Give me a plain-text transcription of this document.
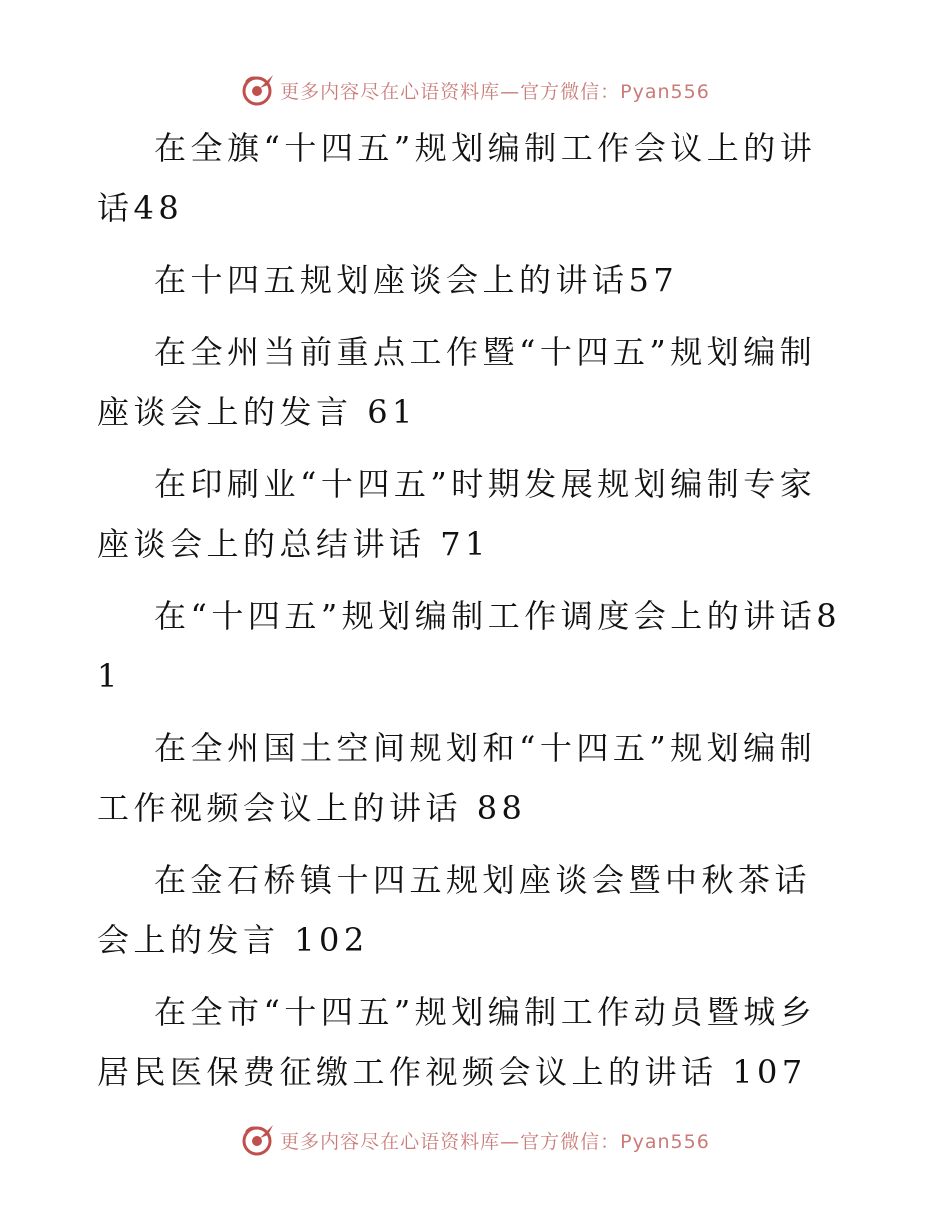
更多内容尽在心语资料库—官方微信：Pyan556

在全旗“十四五”规划编制工作会议上的讲话48

在十四五规划座谈会上的讲话57

在全州当前重点工作暨“十四五”规划编制座谈会上的发言 61

在印刷业“十四五”时期发展规划编制专家座谈会上的总结讲话 71

在“十四五”规划编制工作调度会上的讲话81

在全州国土空间规划和“十四五”规划编制工作视频会议上的讲话 88

在金石桥镇十四五规划座谈会暨中秋茶话会上的发言 102

在全市“十四五”规划编制工作动员暨城乡居民医保费征缴工作视频会议上的讲话 107

更多内容尽在心语资料库—官方微信：Pyan556
